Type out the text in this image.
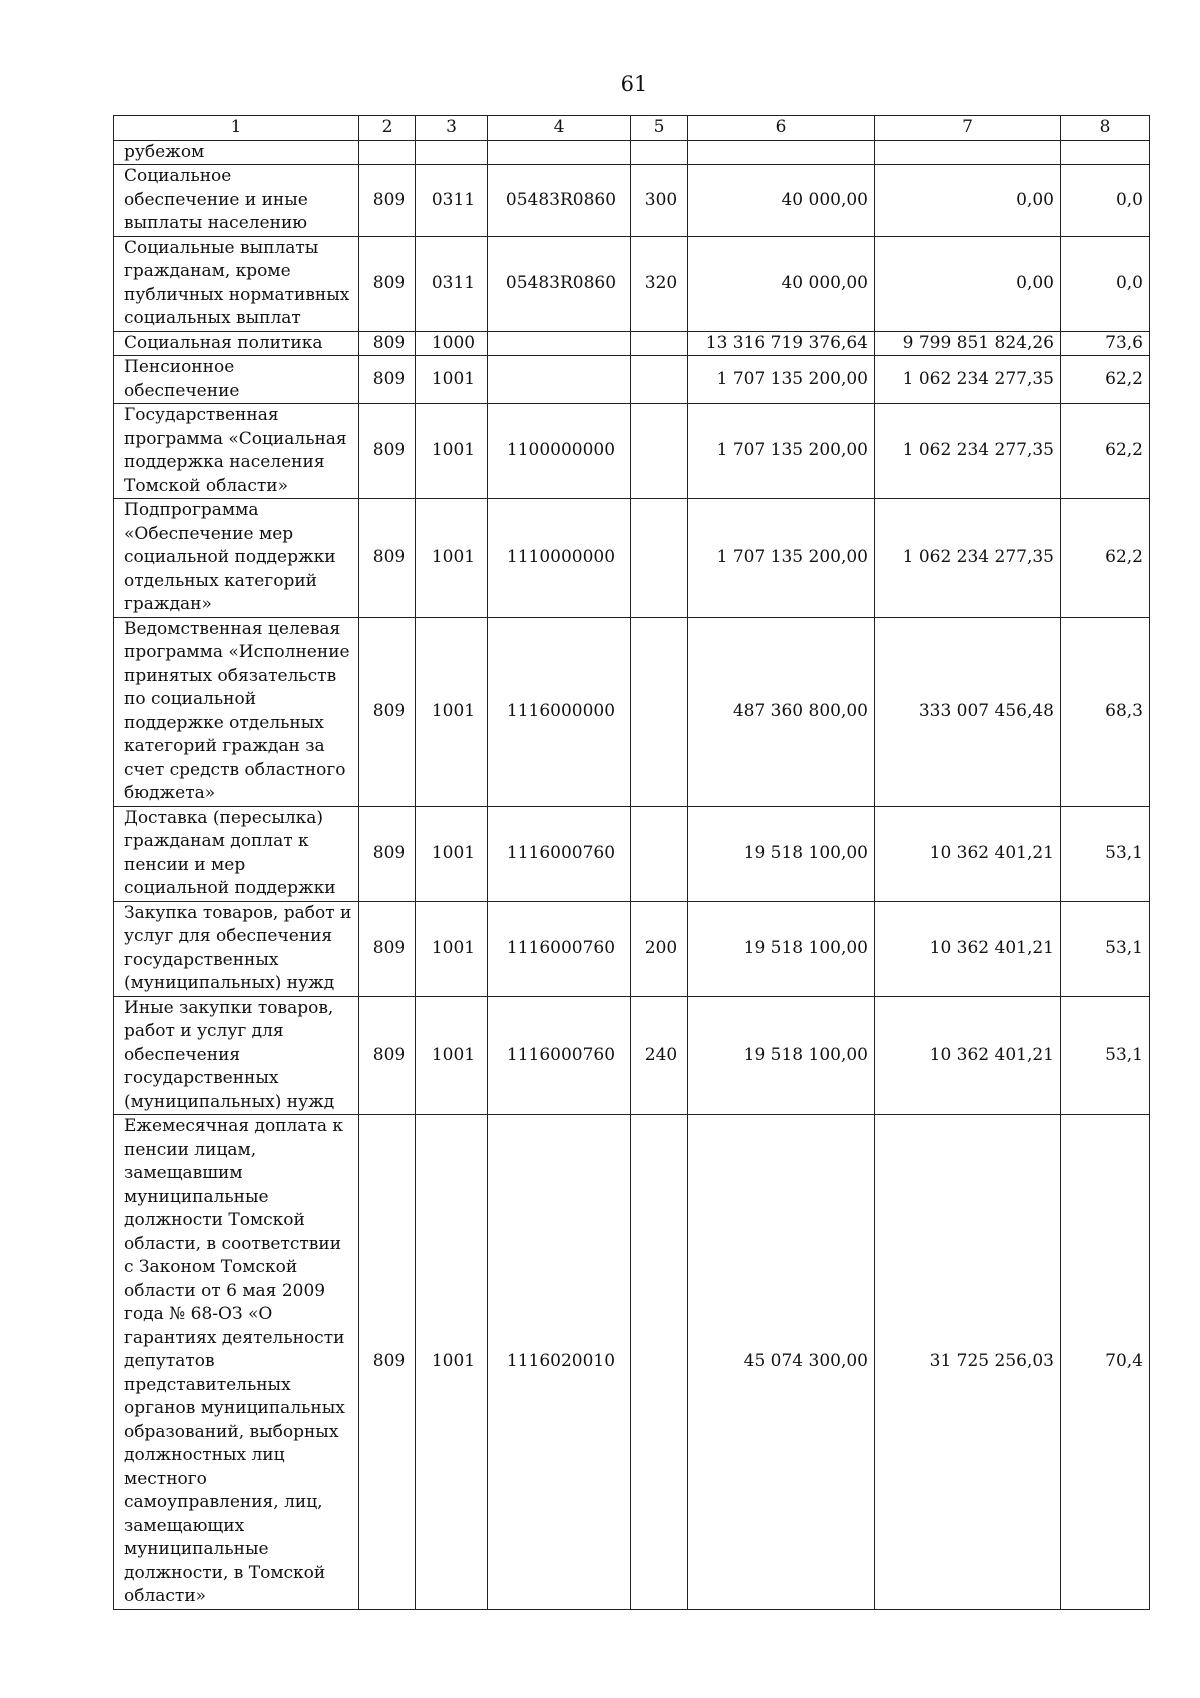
61
1	2	3	4	5	6	7	8
рубежом							
Социальное обеспечение и иные выплаты населению	809	0311	05483R0860	300	40 000,00	0,00	0,0
Социальные выплаты гражданам, кроме публичных нормативных социальных выплат	809	0311	05483R0860	320	40 000,00	0,00	0,0
Социальная политика	809	1000			13 316 719 376,64	9 799 851 824,26	73,6
Пенсионное обеспечение	809	1001			1 707 135 200,00	1 062 234 277,35	62,2
Государственная программа «Социальная поддержка населения Томской области»	809	1001	1100000000		1 707 135 200,00	1 062 234 277,35	62,2
Подпрограмма «Обеспечение мер социальной поддержки отдельных категорий граждан»	809	1001	1110000000		1 707 135 200,00	1 062 234 277,35	62,2
Ведомственная целевая программа «Исполнение принятых обязательств по социальной поддержке отдельных категорий граждан за счет средств областного бюджета»	809	1001	1116000000		487 360 800,00	333 007 456,48	68,3
Доставка (пересылка) гражданам доплат к пенсии и мер социальной поддержки	809	1001	1116000760		19 518 100,00	10 362 401,21	53,1
Закупка товаров, работ и услуг для обеспечения государственных (муниципальных) нужд	809	1001	1116000760	200	19 518 100,00	10 362 401,21	53,1
Иные закупки товаров, работ и услуг для обеспечения государственных (муниципальных) нужд	809	1001	1116000760	240	19 518 100,00	10 362 401,21	53,1
Ежемесячная доплата к пенсии лицам, замещавшим муниципальные должности Томской области, в соответствии с Законом Томской области от 6 мая 2009 года № 68-ОЗ «О гарантиях деятельности депутатов представительных органов муниципальных образований, выборных должностных лиц местного самоуправления, лиц, замещающих муниципальные должности, в Томской области»	809	1001	1116020010		45 074 300,00	31 725 256,03	70,4
